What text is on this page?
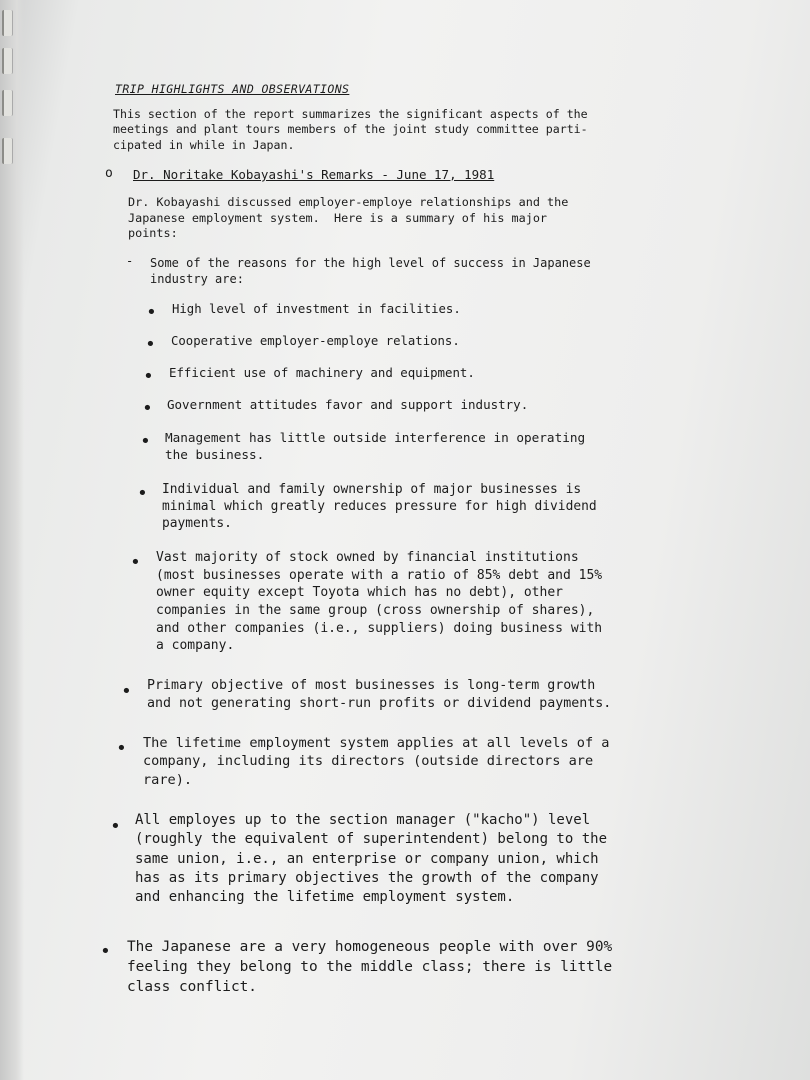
TRIP HIGHLIGHTS AND OBSERVATIONS

This section of the report summarizes the significant aspects of the
meetings and plant tours members of the joint study committee parti-
cipated in while in Japan.

o Dr. Noritake Kobayashi's Remarks - June 17, 1981

Dr. Kobayashi discussed employer-employe relationships and the
Japanese employment system.  Here is a summary of his major
points:

- Some of the reasons for the high level of success in Japanese
industry are:

• High level of investment in facilities.

• Cooperative employer-employe relations.

• Efficient use of machinery and equipment.

• Government attitudes favor and support industry.

• Management has little outside interference in operating
the business.

• Individual and family ownership of major businesses is
minimal which greatly reduces pressure for high dividend
payments.

• Vast majority of stock owned by financial institutions
(most businesses operate with a ratio of 85% debt and 15%
owner equity except Toyota which has no debt), other
companies in the same group (cross ownership of shares),
and other companies (i.e., suppliers) doing business with
a company.

• Primary objective of most businesses is long-term growth
and not generating short-run profits or dividend payments.

• The lifetime employment system applies at all levels of a
company, including its directors (outside directors are
rare).

• All employes up to the section manager ("kacho") level
(roughly the equivalent of superintendent) belong to the
same union, i.e., an enterprise or company union, which
has as its primary objectives the growth of the company
and enhancing the lifetime employment system.

• The Japanese are a very homogeneous people with over 90%
feeling they belong to the middle class; there is little
class conflict.
